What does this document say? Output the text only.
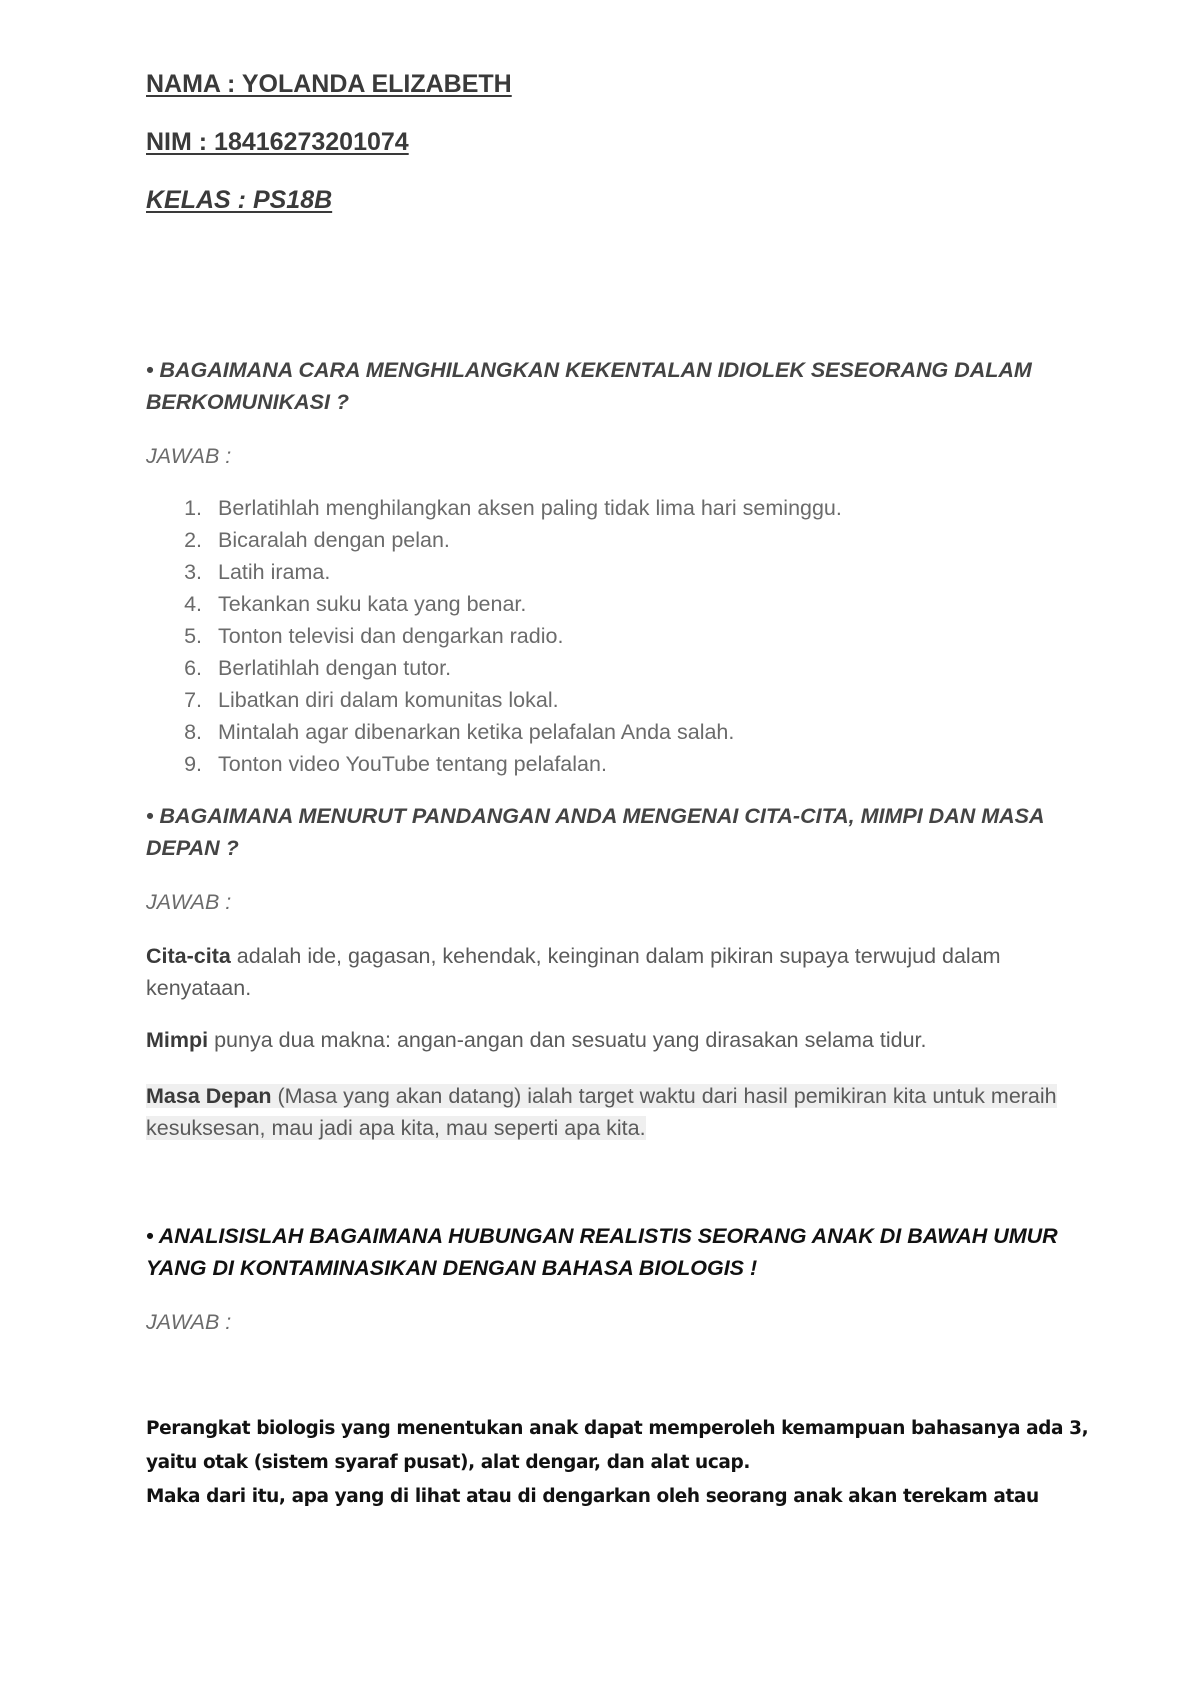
NAMA : YOLANDA ELIZABETH

NIM : 18416273201074

KELAS : PS18B

• BAGAIMANA CARA MENGHILANGKAN KEKENTALAN IDIOLEK SESEORANG DALAM BERKOMUNIKASI ?

JAWAB :

1. Berlatihlah menghilangkan aksen paling tidak lima hari seminggu.
2. Bicaralah dengan pelan.
3. Latih irama.
4. Tekankan suku kata yang benar.
5. Tonton televisi dan dengarkan radio.
6. Berlatihlah dengan tutor.
7. Libatkan diri dalam komunitas lokal.
8. Mintalah agar dibenarkan ketika pelafalan Anda salah.
9. Tonton video YouTube tentang pelafalan.

• BAGAIMANA MENURUT PANDANGAN ANDA MENGENAI CITA-CITA, MIMPI DAN MASA DEPAN ?

JAWAB :

Cita-cita adalah ide, gagasan, kehendak, keinginan dalam pikiran supaya terwujud dalam kenyataan.

Mimpi punya dua makna: angan-angan dan sesuatu yang dirasakan selama tidur.

Masa Depan (Masa yang akan datang) ialah target waktu dari hasil pemikiran kita untuk meraih kesuksesan, mau jadi apa kita, mau seperti apa kita.

• ANALISISLAH BAGAIMANA HUBUNGAN REALISTIS SEORANG ANAK DI BAWAH UMUR YANG DI KONTAMINASIKAN DENGAN BAHASA BIOLOGIS !

JAWAB :

Perangkat biologis yang menentukan anak dapat memperoleh kemampuan bahasanya ada 3,

yaitu otak (sistem syaraf pusat), alat dengar, dan alat ucap.

Maka dari itu, apa yang di lihat atau di dengarkan oleh seorang anak akan terekam atau
